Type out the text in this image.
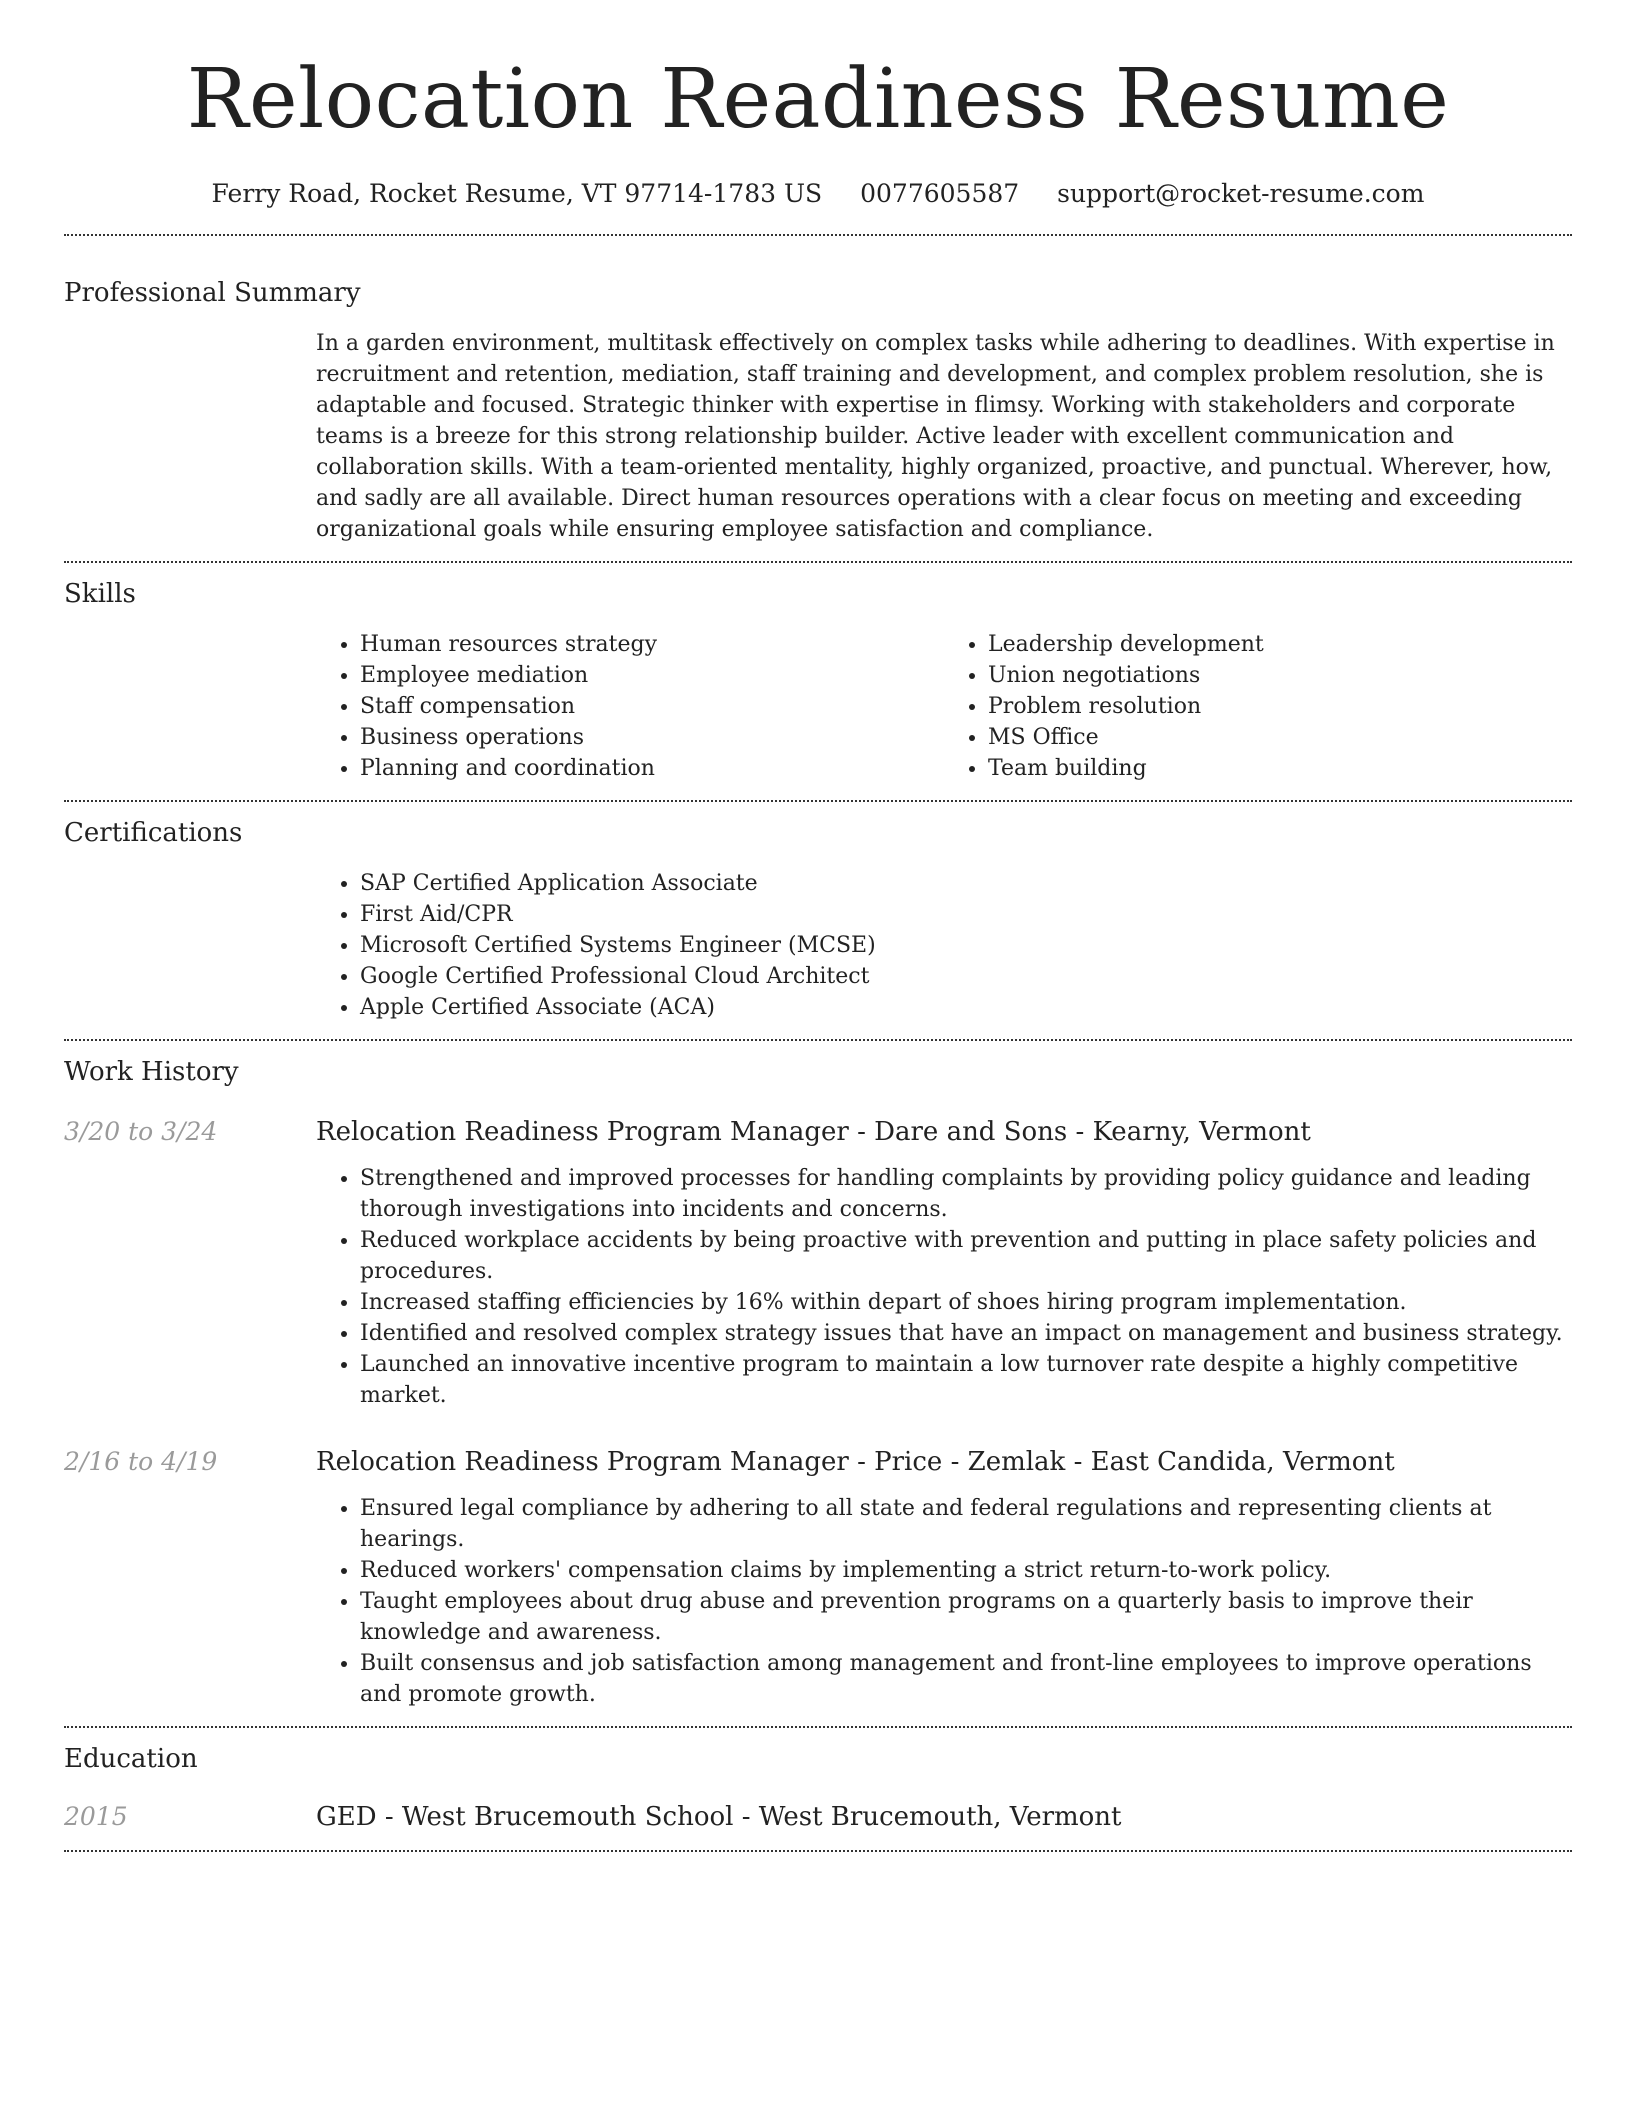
Relocation Readiness Resume
Ferry Road, Rocket Resume, VT 97714-1783 US 0077605587 support@rocket-resume.com
Professional Summary

In a garden environment, multitask effectively on complex tasks while adhering to deadlines. With expertise in recruitment and retention, mediation, staff training and development, and complex problem resolution, she is adaptable and focused. Strategic thinker with expertise in flimsy. Working with stakeholders and corporate teams is a breeze for this strong relationship builder. Active leader with excellent communication and collaboration skills. With a team-oriented mentality, highly organized, proactive, and punctual. Wherever, how, and sadly are all available. Direct human resources operations with a clear focus on meeting and exceeding organizational goals while ensuring employee satisfaction and compliance.

Skills
• Human resources strategy
• Employee mediation
• Staff compensation
• Business operations
• Planning and coordination
• Leadership development
• Union negotiations
• Problem resolution
• MS Office
• Team building
Certifications
• SAP Certified Application Associate
• First Aid/CPR
• Microsoft Certified Systems Engineer (MCSE)
• Google Certified Professional Cloud Architect
• Apple Certified Associate (ACA)
Work History
3/20 to 3/24	Relocation Readiness Program Manager - Dare and Sons - Kearny, Vermont
• Strengthened and improved processes for handling complaints by providing policy guidance and leading thorough investigations into incidents and concerns.
• Reduced workplace accidents by being proactive with prevention and putting in place safety policies and procedures.
• Increased staffing efficiencies by 16% within depart of shoes hiring program implementation.
• Identified and resolved complex strategy issues that have an impact on management and business strategy.
• Launched an innovative incentive program to maintain a low turnover rate despite a highly competitive market.
2/16 to 4/19	Relocation Readiness Program Manager - Price - Zemlak - East Candida, Vermont
• Ensured legal compliance by adhering to all state and federal regulations and representing clients at hearings.
• Reduced workers' compensation claims by implementing a strict return-to-work policy.
• Taught employees about drug abuse and prevention programs on a quarterly basis to improve their knowledge and awareness.
• Built consensus and job satisfaction among management and front-line employees to improve operations and promote growth.
Education
2015	GED - West Brucemouth School - West Brucemouth, Vermont
